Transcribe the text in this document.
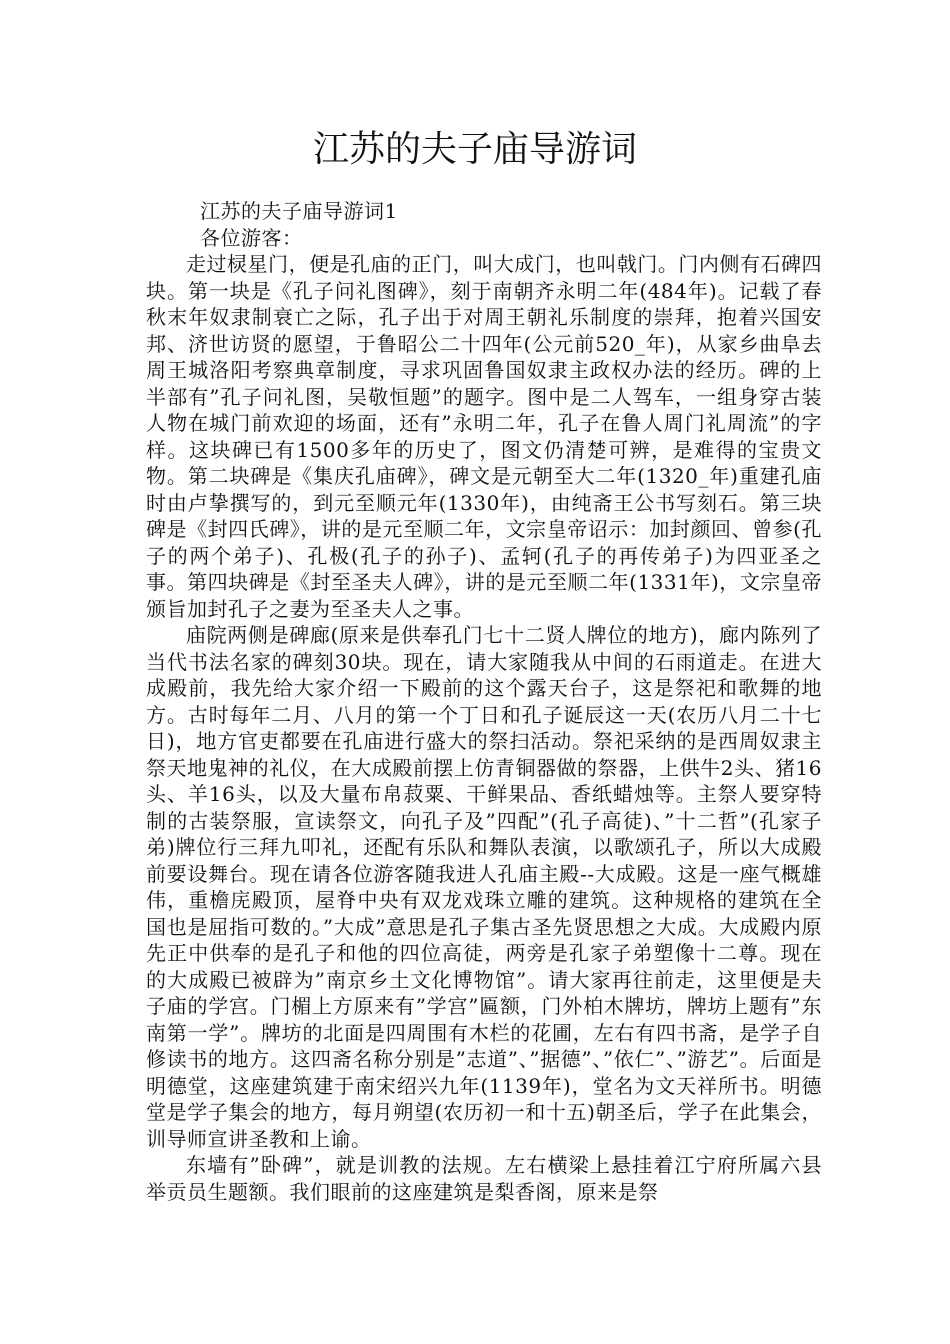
江苏的夫子庙导游词

江苏的夫子庙导游词1

各位游客：

走过棂星门，便是孔庙的正门，叫大成门，也叫戟门。门内侧有石碑四块。第一块是《孔子问礼图碑》，刻于南朝齐永明二年(484年)。记载了春秋末年奴隶制衰亡之际，孔子出于对周王朝礼乐制度的崇拜，抱着兴国安邦、济世访贤的愿望，于鲁昭公二十四年(公元前520_年)，从家乡曲阜去周王城洛阳考察典章制度，寻求巩固鲁国奴隶主政权办法的经历。碑的上半部有”孔子问礼图，吴敬恒题”的题字。图中是二人驾车，一组身穿古装人物在城门前欢迎的场面，还有”永明二年，孔子在鲁人周门礼周流”的字样。这块碑已有1500多年的历史了，图文仍清楚可辨，是难得的宝贵文物。第二块碑是《集庆孔庙碑》，碑文是元朝至大二年(1320_年)重建孔庙时由卢挚撰写的，到元至顺元年(1330年)，由纯斋王公书写刻石。第三块碑是《封四氏碑》，讲的是元至顺二年，文宗皇帝诏示：加封颜回、曾参(孔子的两个弟子)、孔极(孔子的孙子)、孟轲(孔子的再传弟子)为四亚圣之事。第四块碑是《封至圣夫人碑》，讲的是元至顺二年(1331年)，文宗皇帝颁旨加封孔子之妻为至圣夫人之事。

庙院两侧是碑廊(原来是供奉孔门七十二贤人牌位的地方)，廊内陈列了当代书法名家的碑刻30块。现在，请大家随我从中间的石雨道走。在进大成殿前，我先给大家介绍一下殿前的这个露天台子，这是祭祀和歌舞的地方。古时每年二月、八月的第一个丁日和孔子诞辰这一天(农历八月二十七日)，地方官吏都要在孔庙进行盛大的祭扫活动。祭祀采纳的是西周奴隶主祭天地鬼神的礼仪，在大成殿前摆上仿青铜器做的祭器，上供牛2头、猪16头、羊16头，以及大量布帛菽粟、干鲜果品、香纸蜡烛等。主祭人要穿特制的古装祭服，宣读祭文，向孔子及”四配”(孔子高徒)、”十二哲”(孔家子弟)牌位行三拜九叩礼，还配有乐队和舞队表演，以歌颂孔子，所以大成殿前要设舞台。现在请各位游客随我进人孔庙主殿--大成殿。这是一座气概雄伟，重檐庑殿顶，屋脊中央有双龙戏珠立雕的建筑。这种规格的建筑在全国也是屈指可数的。”大成”意思是孔子集古圣先贤思想之大成。大成殿内原先正中供奉的是孔子和他的四位高徒，两旁是孔家子弟塑像十二尊。现在的大成殿已被辟为”南京乡土文化博物馆”。请大家再往前走，这里便是夫子庙的学宫。门楣上方原来有”学宫”匾额，门外柏木牌坊，牌坊上题有”东南第一学”。牌坊的北面是四周围有木栏的花圃，左右有四书斋，是学子自修读书的地方。这四斋名称分别是”志道”、”据德”、”依仁”、”游艺”。后面是明德堂，这座建筑建于南宋绍兴九年(1139年)，堂名为文天祥所书。明德堂是学子集会的地方，每月朔望(农历初一和十五)朝圣后，学子在此集会，训导师宣讲圣教和上谕。

东墙有”卧碑”，就是训教的法规。左右横梁上悬挂着江宁府所属六县举贡员生题额。我们眼前的这座建筑是梨香阁，原来是祭
